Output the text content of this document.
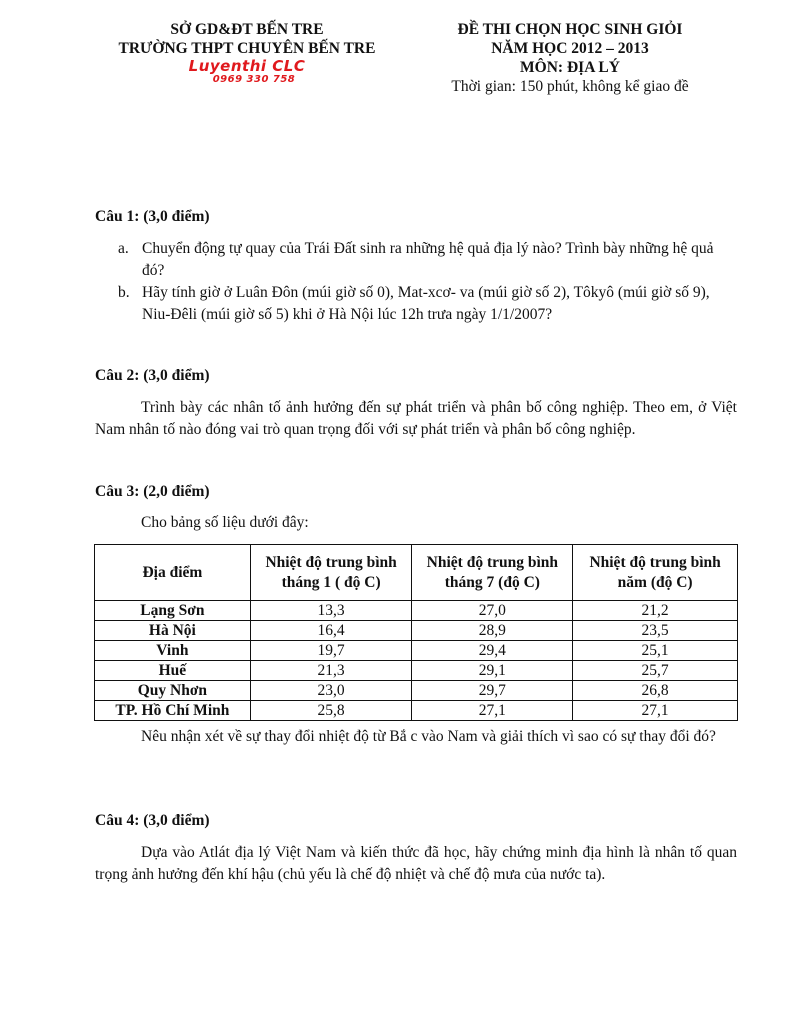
SỞ GD&ĐT BẾN TRE
TRƯỜNG THPT CHUYÊN BẾN TRE
Luyenthi CLC
0969 330 758
ĐỀ THI CHỌN HỌC SINH GIỎI
NĂM HỌC 2012 – 2013
MÔN: ĐỊA LÝ
Thời gian: 150 phút, không kể giao đề
Câu 1: (3,0 điểm)
a. Chuyển động tự quay của Trái Đất sinh ra những hệ quả địa lý nào? Trình bày những hệ quả đó?
b. Hãy tính giờ ở Luân Đôn (múi giờ số 0), Mat-xcơ- va (múi giờ số 2), Tôkyô (múi giờ số 9), Niu-Đêli (múi giờ số 5) khi ở Hà Nội lúc 12h trưa ngày 1/1/2007?
Câu 2: (3,0 điểm)
Trình bày các nhân tố ảnh hưởng đến sự phát triển và phân bố công nghiệp. Theo em, ở Việt Nam nhân tố nào đóng vai trò quan trọng đối với sự phát triển và phân bố công nghiệp.
Câu 3: (2,0 điểm)
Cho bảng số liệu dưới đây:
Địa điểm	Nhiệt độ trung bình tháng 1 ( độ C)	Nhiệt độ trung bình tháng 7 (độ C)	Nhiệt độ trung bình năm (độ C)
Lạng Sơn	13,3	27,0	21,2
Hà Nội	16,4	28,9	23,5
Vinh	19,7	29,4	25,1
Huế	21,3	29,1	25,7
Quy Nhơn	23,0	29,7	26,8
TP. Hồ Chí Minh	25,8	27,1	27,1
Nêu nhận xét về sự thay đổi nhiệt độ từ Bắ c vào Nam và giải thích vì sao có sự thay đổi đó?
Câu 4: (3,0 điểm)
Dựa vào Atlát địa lý Việt Nam và kiến thức đã học, hãy chứng minh địa hình là nhân tố quan trọng ảnh hưởng đến khí hậu (chủ yếu là chế độ nhiệt và chế độ mưa của nước ta).
